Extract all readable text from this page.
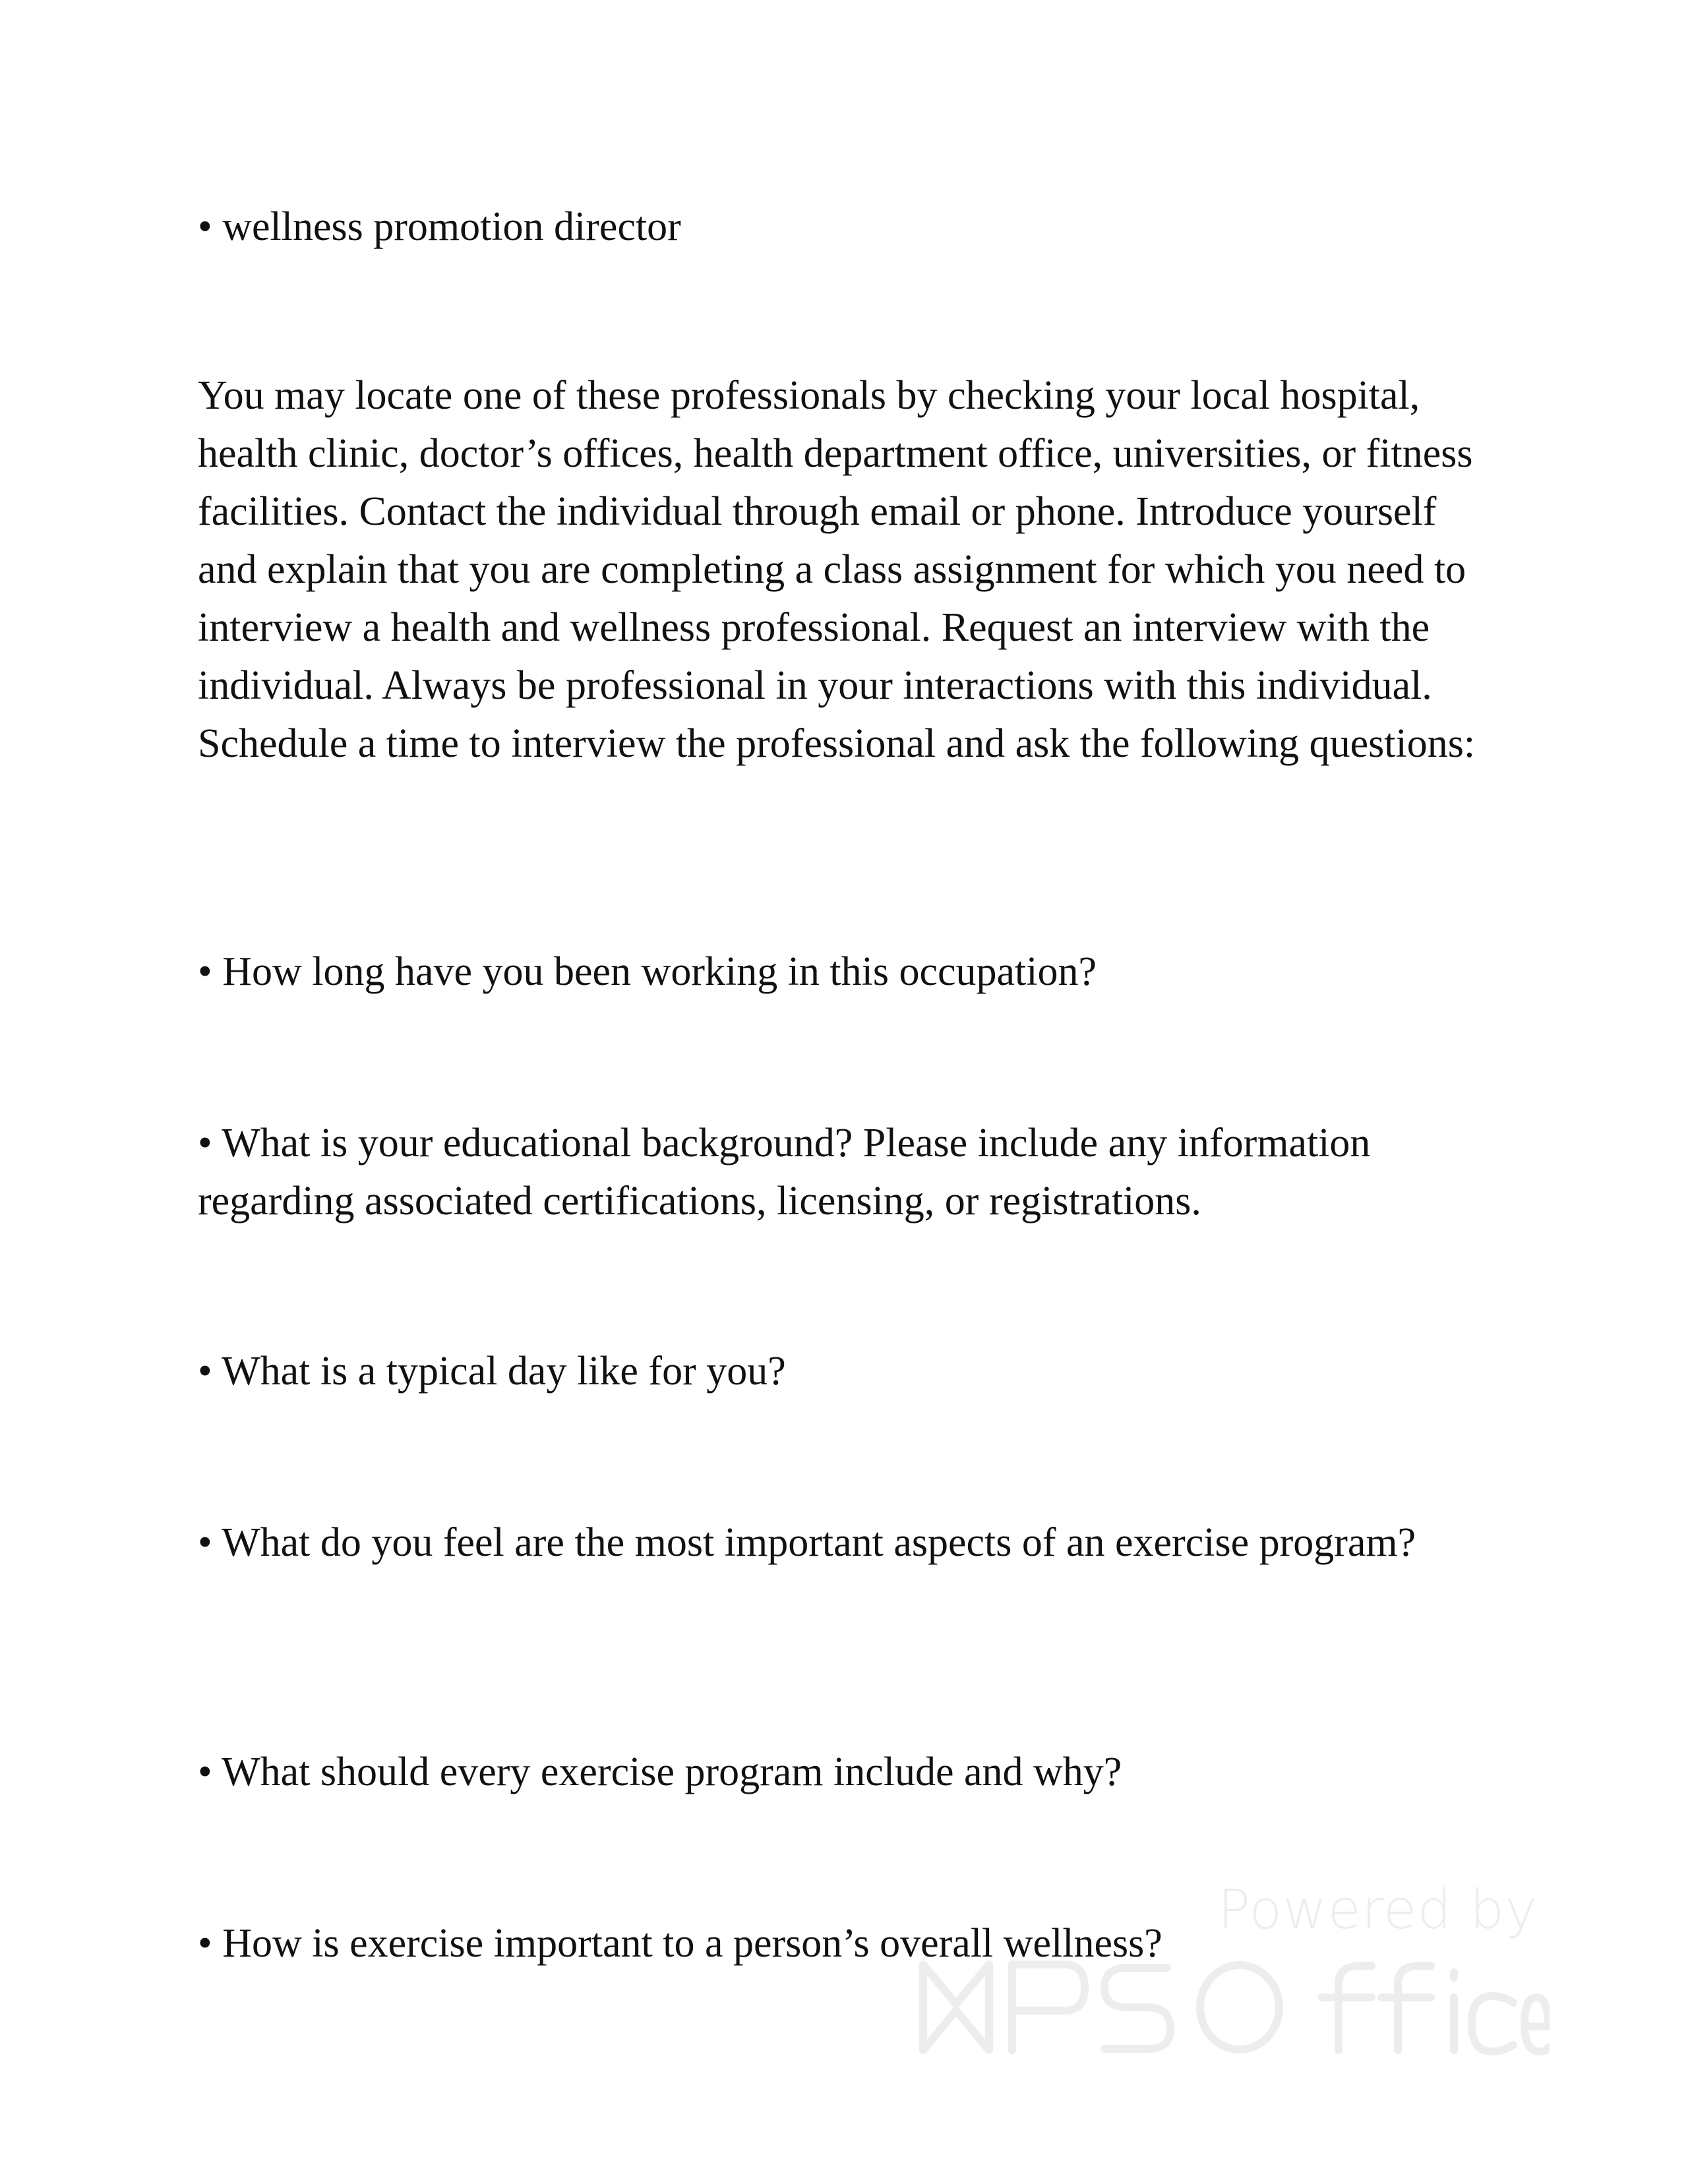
• wellness promotion director

You may locate one of these professionals by checking your local hospital, health clinic, doctor’s offices, health department office, universities, or fitness facilities. Contact the individual through email or phone. Introduce yourself and explain that you are completing a class assignment for which you need to interview a health and wellness professional. Request an interview with the individual. Always be professional in your interactions with this individual. Schedule a time to interview the professional and ask the following questions:

• How long have you been working in this occupation?

• What is your educational background? Please include any information regarding associated certifications, licensing, or registrations.

• What is a typical day like for you?

• What do you feel are the most important aspects of an exercise program?

• What should every exercise program include and why?

• How is exercise important to a person’s overall wellness?

Powered by
